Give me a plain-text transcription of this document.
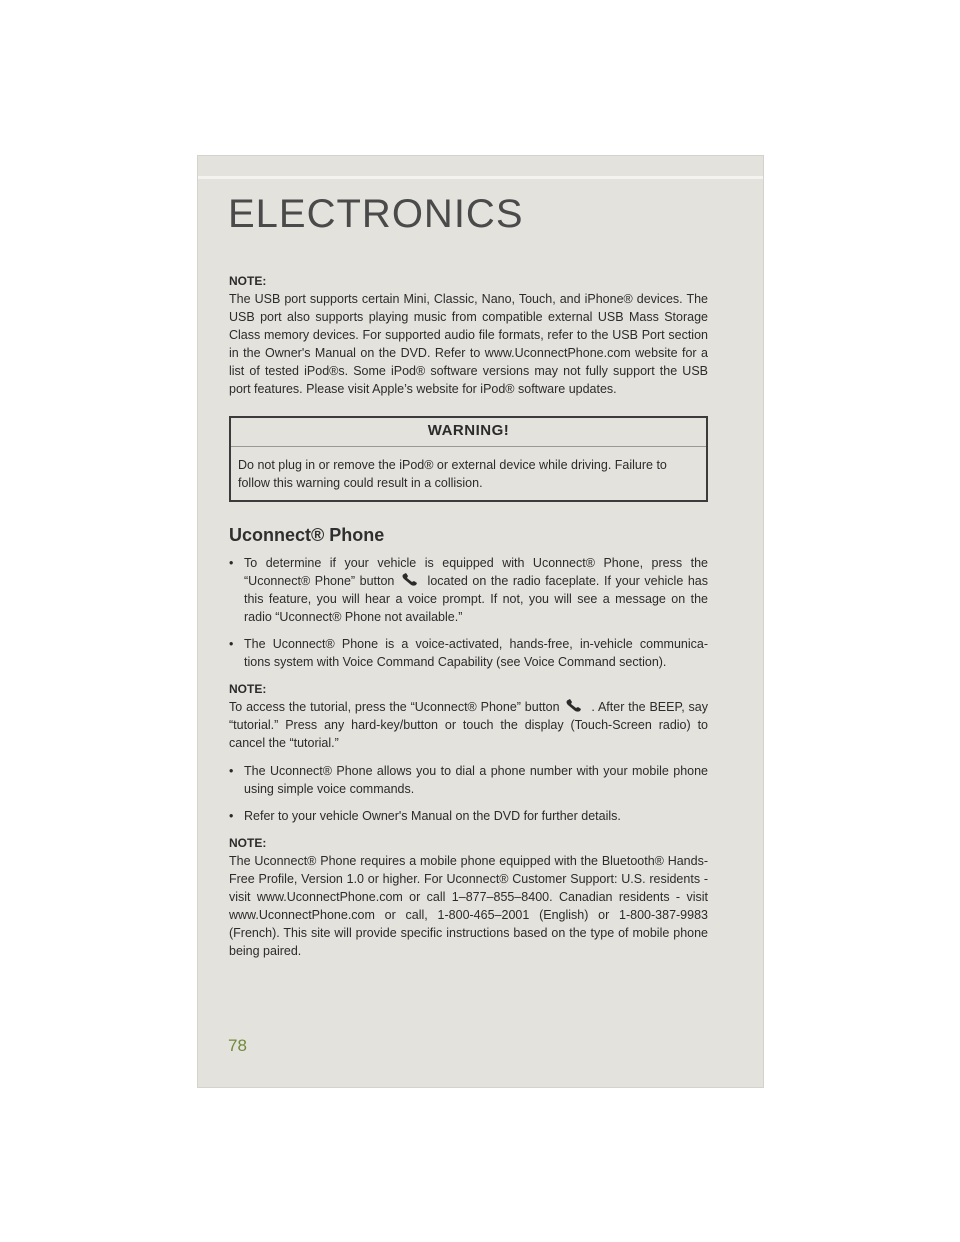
ELECTRONICS
NOTE:

The USB port supports certain Mini, Classic, Nano, Touch, and iPhone® devices. The USB port also supports playing music from compatible external USB Mass Storage Class memory devices. For supported audio file formats, refer to the USB Port section in the Owner's Manual on the DVD. Refer to www.UconnectPhone.com website for a list of tested iPod®s. Some iPod® software versions may not fully support the USB port features. Please visit Apple’s website for iPod® software updates.

WARNING!
Do not plug in or remove the iPod® or external device while driving. Failure to follow this warning could result in a collision.
Uconnect® Phone
• To determine if your vehicle is equipped with Uconnect® Phone, press the “Uconnect® Phone” button	located on the radio faceplate. If your vehicle has this feature, you will hear a voice prompt. If not, you will see a message on the radio “Uconnect® Phone not available.”
• The Uconnect® Phone is a voice-activated, hands-free, in-vehicle communica- tions system with Voice Command Capability (see Voice Command section).
NOTE:

To access the tutorial, press the “Uconnect® Phone” button	. After the BEEP, say “tutorial.” Press any hard-key/button or touch the display (Touch-Screen radio) to cancel the “tutorial.”

• The Uconnect® Phone allows you to dial a phone number with your mobile phone using simple voice commands.
• Refer to your vehicle Owner's Manual on the DVD for further details.
NOTE:

The Uconnect® Phone requires a mobile phone equipped with the Bluetooth® Hands-Free Profile, Version 1.0 or higher. For Uconnect® Customer Support: U.S. residents - visit www.UconnectPhone.com or call 1–877–855–8400. Canadian residents - visit www.UconnectPhone.com or call, 1-800-465–2001 (English) or 1-800-387-9983 (French). This site will provide specific instructions based on the type of mobile phone being paired.

78
